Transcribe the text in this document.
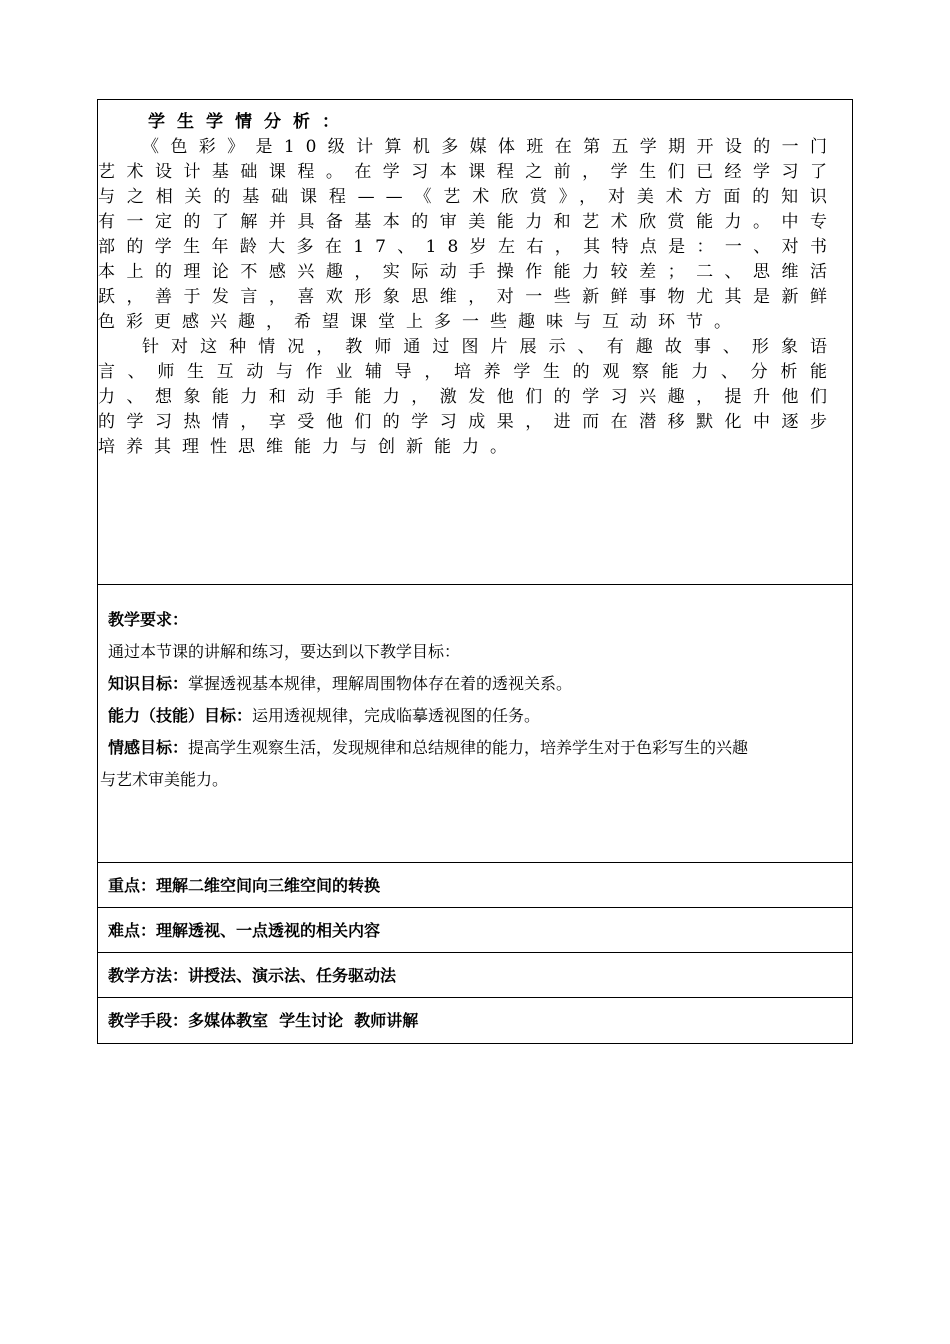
学生学情分析：
《色彩》是10级计算机多媒体班在第五学期开设的一门艺术设计基础课程。在学习本课程之前，学生们已经学习了与之相关的基础课程——《艺术欣赏》，对美术方面的知识有一定的了解并具备基本的审美能力和艺术欣赏能力。中专部的学生年龄大多在17、18岁左右，其特点是：一、对书本上的理论不感兴趣，实际动手操作能力较差；二、思维活跃，善于发言，喜欢形象思维，对一些新鲜事物尤其是新鲜色彩更感兴趣，希望课堂上多一些趣味与互动环节。
针对这种情况，教师通过图片展示、有趣故事、形象语言、师生互动与作业辅导，培养学生的观察能力、分析能力、想象能力和动手能力，激发他们的学习兴趣，提升他们的学习热情，享受他们的学习成果，进而在潜移默化中逐步培养其理性思维能力与创新能力。
教学要求：
通过本节课的讲解和练习，要达到以下教学目标：
知识目标：掌握透视基本规律，理解周围物体存在着的透视关系。
能力（技能）目标：运用透视规律，完成临摹透视图的任务。
情感目标：提高学生观察生活，发现规律和总结规律的能力，培养学生对于色彩写生的兴趣
与艺术审美能力。
重点：理解二维空间向三维空间的转换
难点：理解透视、一点透视的相关内容
教学方法：讲授法、演示法、任务驱动法
教学手段：多媒体教室  学生讨论  教师讲解
